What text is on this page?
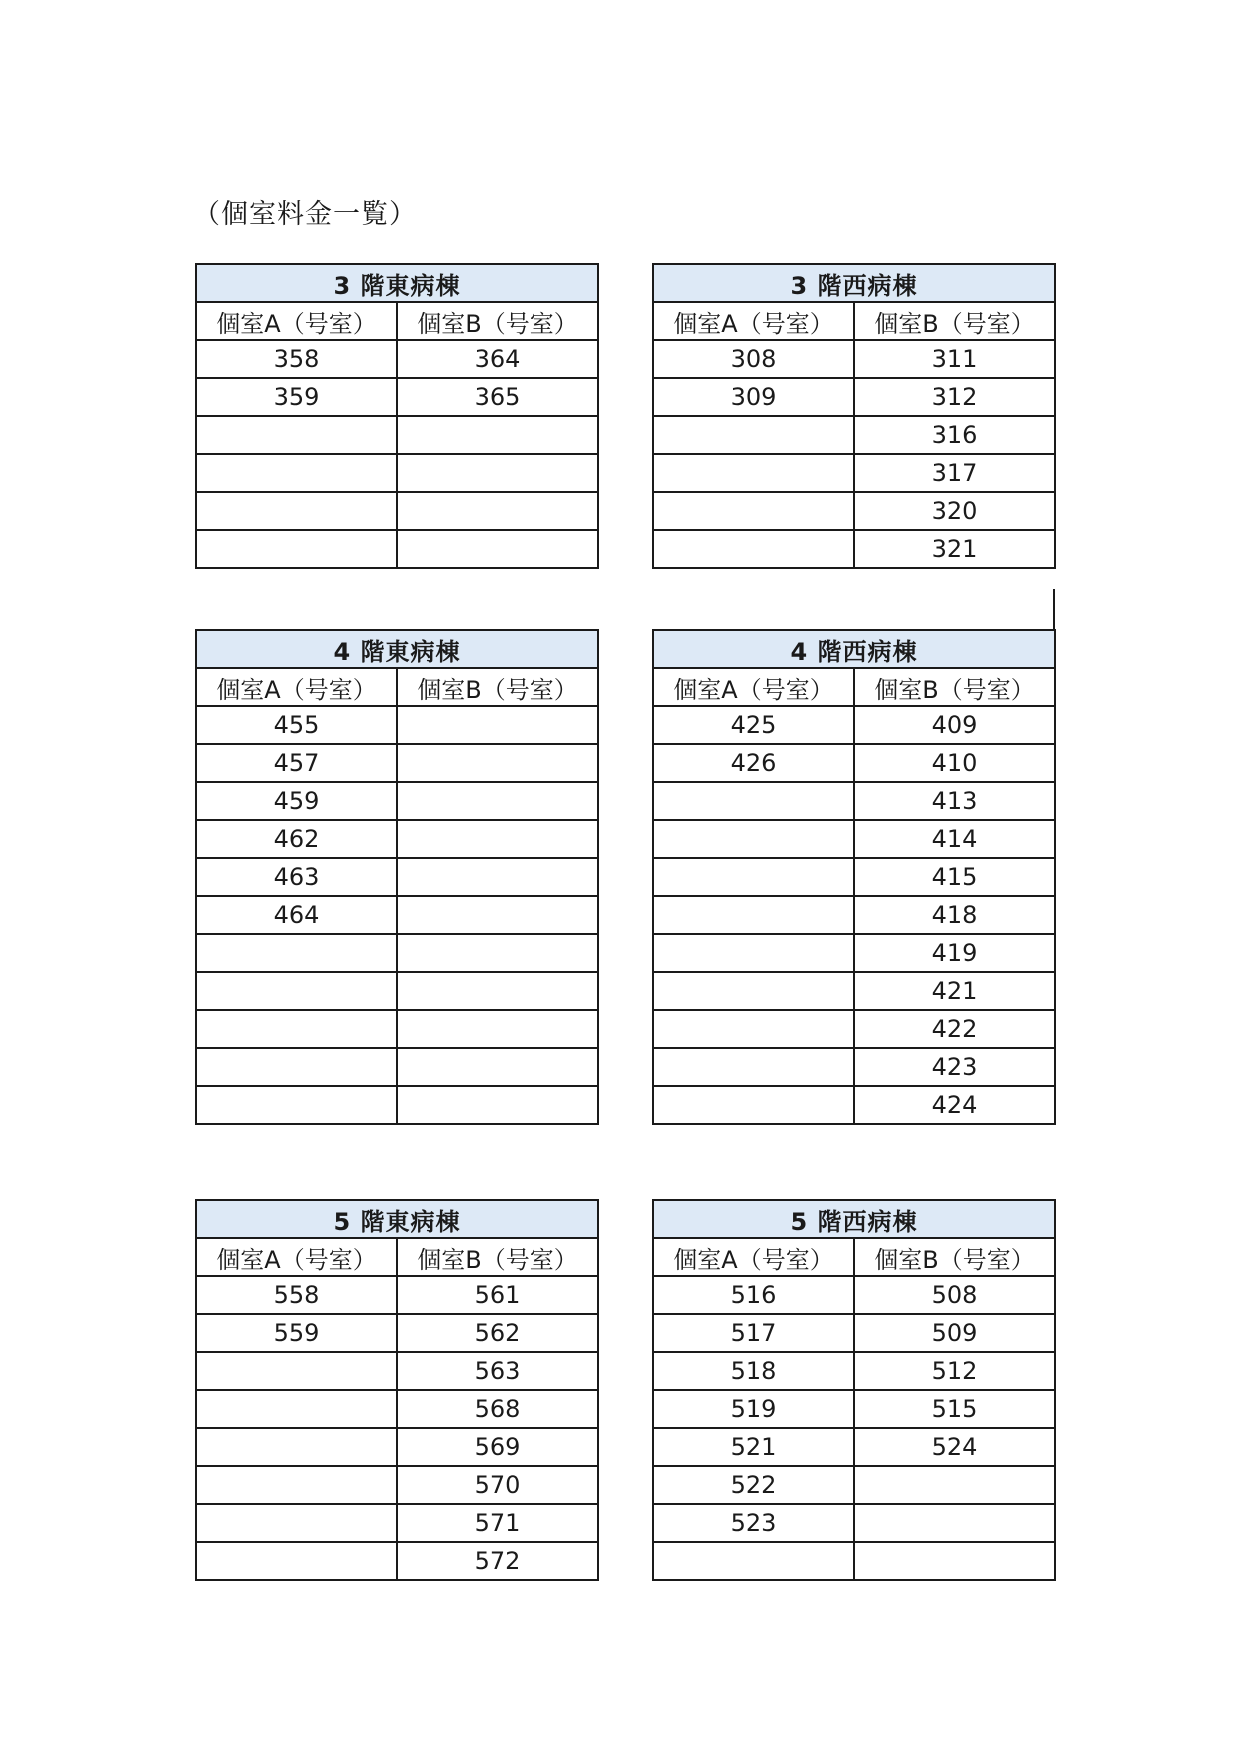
（個室料金一覧）
3 階東病棟	
個室A（号室）	個室B（号室）
358	364
359	365

3 階西病棟	
個室A（号室）	個室B（号室）
308	311
309	312
	316
	317
	320
	321
4 階東病棟	
個室A（号室）	個室B（号室）
455	
457	
459	
462	
463	
464	

4 階西病棟	
個室A（号室）	個室B（号室）
425	409
426	410
	413
	414
	415
	418
	419
	421
	422
	423
	424
5 階東病棟	
個室A（号室）	個室B（号室）
558	561
559	562
	563
	568
	569
	570
	571
	572
5 階西病棟	
個室A（号室）	個室B（号室）
516	508
517	509
518	512
519	515
521	524
522	
523	
